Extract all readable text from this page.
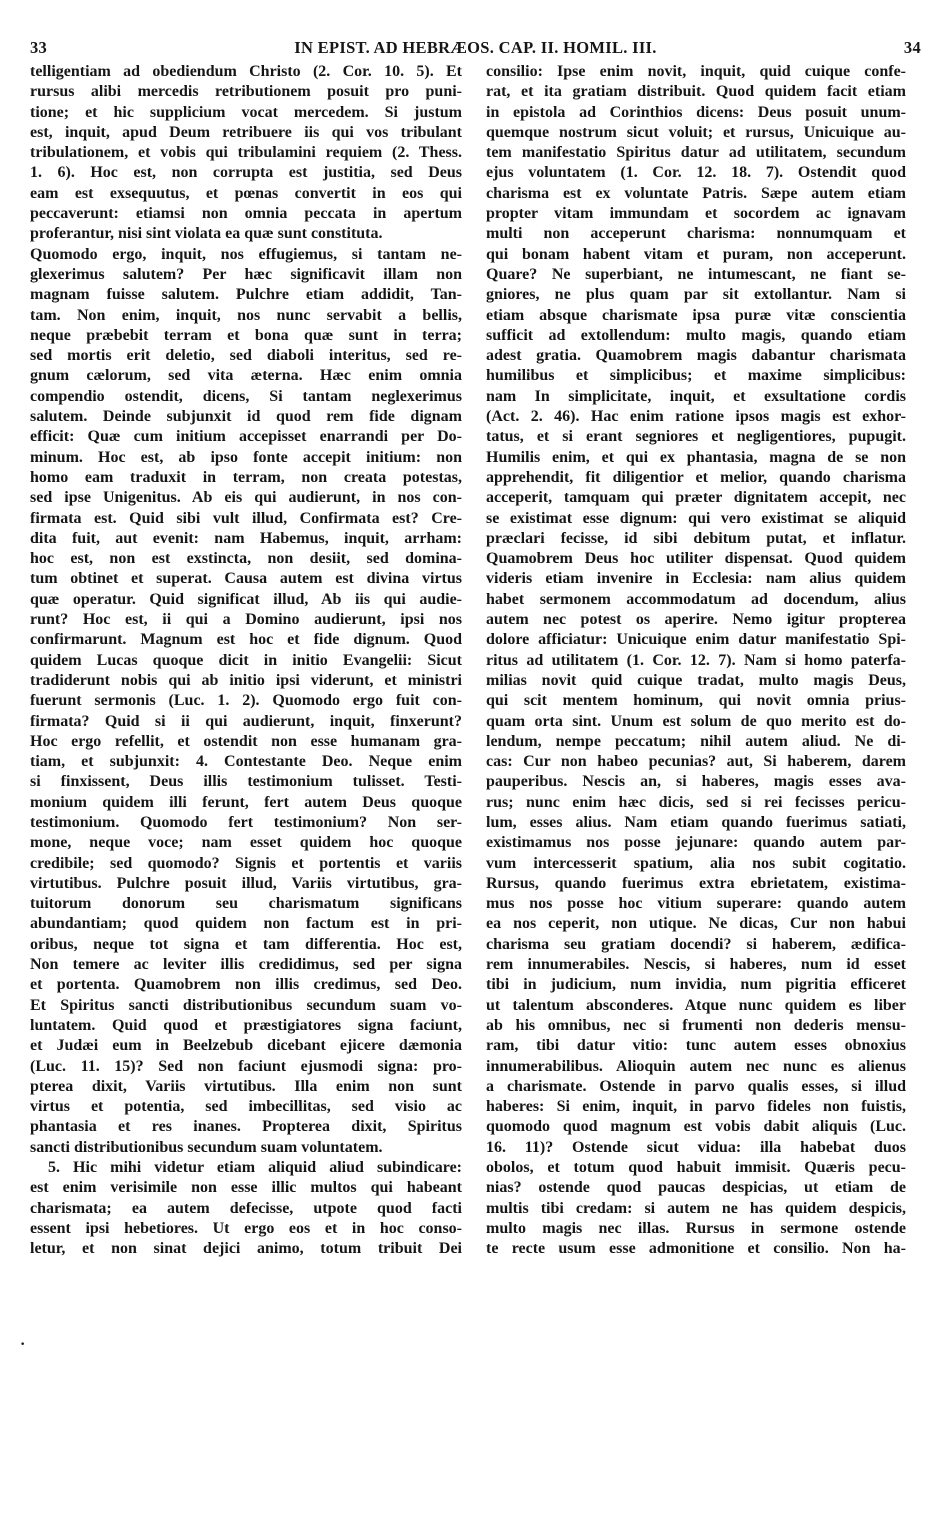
33	IN EPIST. AD HEBRÆOS. CAP. II. HOMIL. III.	34
telligentiam ad obediendum Christo (2. Cor. 10. 5). Et
rursus alibi mercedis retributionem posuit pro puni-
tione; et hic supplicium vocat mercedem. Si justum
est, inquit, apud Deum retribuere iis qui vos tribulant
tribulationem, et vobis qui tribulamini requiem (2. Thess.
1. 6). Hoc est, non corrupta est justitia, sed Deus
eam est exsequutus, et pœnas convertit in eos qui
peccaverunt: etiamsi non omnia peccata in apertum
proferantur, nisi sint violata ea quæ sunt constituta.
Quomodo ergo, inquit, nos effugiemus, si tantam ne-
glexerimus salutem? Per hæc significavit illam non
magnam fuisse salutem. Pulchre etiam addidit, Tan-
tam. Non enim, inquit, nos nunc servabit a bellis,
neque præbebit terram et bona quæ sunt in terra;
sed mortis erit deletio, sed diaboli interitus, sed re-
gnum cælorum, sed vita æterna. Hæc enim omnia
compendio ostendit, dicens, Si tantam neglexerimus
salutem. Deinde subjunxit id quod rem fide dignam
efficit: Quæ cum initium accepisset enarrandi per Do-
minum. Hoc est, ab ipso fonte accepit initium: non
homo eam traduxit in terram, non creata potestas,
sed ipse Unigenitus. Ab eis qui audierunt, in nos con-
firmata est. Quid sibi vult illud, Confirmata est? Cre-
dita fuit, aut evenit: nam Habemus, inquit, arrham:
hoc est, non est exstincta, non desiit, sed domina-
tum obtinet et superat. Causa autem est divina virtus
quæ operatur. Quid significat illud, Ab iis qui audie-
runt? Hoc est, ii qui a Domino audierunt, ipsi nos
confirmarunt. Magnum est hoc et fide dignum. Quod
quidem Lucas quoque dicit in initio Evangelii: Sicut
tradiderunt nobis qui ab initio ipsi viderunt, et ministri
fuerunt sermonis (Luc. 1. 2). Quomodo ergo fuit con-
firmata? Quid si ii qui audierunt, inquit, finxerunt?
Hoc ergo refellit, et ostendit non esse humanam gra-
tiam, et subjunxit: 4. Contestante Deo. Neque enim
si finxissent, Deus illis testimonium tulisset. Testi-
monium quidem illi ferunt, fert autem Deus quoque
testimonium. Quomodo fert testimonium? Non ser-
mone, neque voce; nam esset quidem hoc quoque
credibile; sed quomodo? Signis et portentis et variis
virtutibus. Pulchre posuit illud, Variis virtutibus, gra-
tuitorum donorum seu charismatum significans
abundantiam; quod quidem non factum est in pri-
oribus, neque tot signa et tam differentia. Hoc est,
Non temere ac leviter illis credidimus, sed per signa
et portenta. Quamobrem non illis credimus, sed Deo.
Et Spiritus sancti distributionibus secundum suam vo-
luntatem. Quid quod et præstigiatores signa faciunt,
et Judæi eum in Beelzebub dicebant ejicere dæmonia
(Luc. 11. 15)? Sed non faciunt ejusmodi signa: pro-
pterea dixit, Variis virtutibus. Illa enim non sunt
virtus et potentia, sed imbecillitas, sed visio ac
phantasia et res inanes. Propterea dixit, Spiritus
sancti distributionibus secundum suam voluntatem.
5. Hic mihi videtur etiam aliquid aliud subindicare:
est enim verisimile non esse illic multos qui habeant
charismata; ea autem defecisse, utpote quod facti
essent ipsi hebetiores. Ut ergo eos et in hoc conso-
letur, et non sinat dejici animo, totum tribuit Dei
consilio: Ipse enim novit, inquit, quid cuique confe-
rat, et ita gratiam distribuit. Quod quidem facit etiam
in epistola ad Corinthios dicens: Deus posuit unum-
quemque nostrum sicut voluit; et rursus, Unicuique au-
tem manifestatio Spiritus datur ad utilitatem, secundum
ejus voluntatem (1. Cor. 12. 18. 7). Ostendit quod
charisma est ex voluntate Patris. Sæpe autem etiam
propter vitam immundam et socordem ac ignavam
multi non acceperunt charisma: nonnumquam et
qui bonam habent vitam et puram, non acceperunt.
Quare? Ne superbiant, ne intumescant, ne fiant se-
gniores, ne plus quam par sit extollantur. Nam si
etiam absque charismate ipsa puræ vitæ conscientia
sufficit ad extollendum: multo magis, quando etiam
adest gratia. Quamobrem magis dabantur charismata
humilibus et simplicibus; et maxime simplicibus:
nam In simplicitate, inquit, et exsultatione cordis
(Act. 2. 46). Hac enim ratione ipsos magis est exhor-
tatus, et si erant segniores et negligentiores, pupugit.
Humilis enim, et qui ex phantasia, magna de se non
apprehendit, fit diligentior et melior, quando charisma
acceperit, tamquam qui præter dignitatem accepit, nec
se existimat esse dignum: qui vero existimat se aliquid
præclari fecisse, id sibi debitum putat, et inflatur.
Quamobrem Deus hoc utiliter dispensat. Quod quidem
videris etiam invenire in Ecclesia: nam alius quidem
habet sermonem accommodatum ad docendum, alius
autem nec potest os aperire. Nemo igitur propterea
dolore afficiatur: Unicuique enim datur manifestatio Spi-
ritus ad utilitatem (1. Cor. 12. 7). Nam si homo paterfa-
milias novit quid cuique tradat, multo magis Deus,
qui scit mentem hominum, qui novit omnia prius-
quam orta sint. Unum est solum de quo merito est do-
lendum, nempe peccatum; nihil autem aliud. Ne di-
cas: Cur non habeo pecunias? aut, Si haberem, darem
pauperibus. Nescis an, si haberes, magis esses ava-
rus; nunc enim hæc dicis, sed si rei fecisses pericu-
lum, esses alius. Nam etiam quando fuerimus satiati,
existimamus nos posse jejunare: quando autem par-
vum intercesserit spatium, alia nos subit cogitatio.
Rursus, quando fuerimus extra ebrietatem, existima-
mus nos posse hoc vitium superare: quando autem
ea nos ceperit, non utique. Ne dicas, Cur non habui
charisma seu gratiam docendi? si haberem, ædifica-
rem innumerabiles. Nescis, si haberes, num id esset
tibi in judicium, num invidia, num pigritia efficeret
ut talentum absconderes. Atque nunc quidem es liber
ab his omnibus, nec si frumenti non dederis mensu-
ram, tibi datur vitio: tunc autem esses obnoxius
innumerabilibus. Alioquin autem nec nunc es alienus
a charismate. Ostende in parvo qualis esses, si illud
haberes: Si enim, inquit, in parvo fideles non fuistis,
quomodo quod magnum est vobis dabit aliquis (Luc.
16. 11)? Ostende sicut vidua: illa habebat duos
obolos, et totum quod habuit immisit. Quæris pecu-
nias? ostende quod paucas despicias, ut etiam de
multis tibi credam: si autem ne has quidem despicis,
multo magis nec illas. Rursus in sermone ostende
te recte usum esse admonitione et consilio. Non ha-
·
